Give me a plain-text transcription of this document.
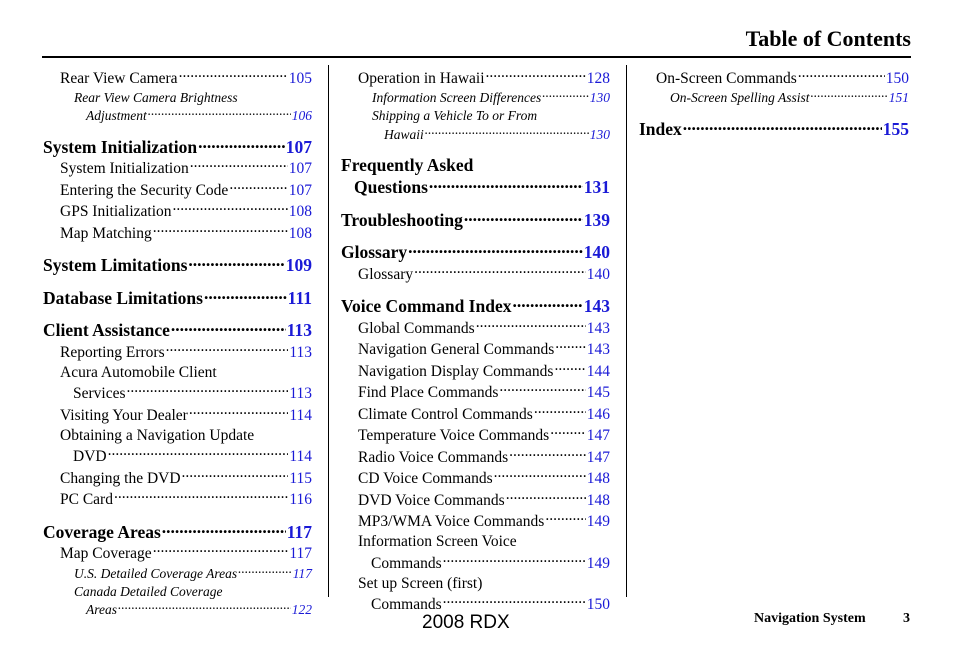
Table of Contents
Rear View Camera .....	105
Rear View Camera Brightness
Adjustment .....	106
System Initialization .....	107
System Initialization .....	107
Entering the Security Code .....	107
GPS Initialization .....	108
Map Matching .....	108
System Limitations .....	109
Database Limitations .....	111
Client Assistance .....	113
Reporting Errors .....	113
Acura Automobile Client
Services .....	113
Visiting Your Dealer .....	114
Obtaining a Navigation Update
DVD .....	114
Changing the DVD .....	115
PC Card .....	116
Coverage Areas .....	117
Map Coverage .....	117
U.S. Detailed Coverage Areas .....	117
Canada Detailed Coverage
Areas .....	122
Operation in Hawaii .....	128
Information Screen Differences .....	130
Shipping a Vehicle To or From
Hawaii .....	130
Frequently Asked
Questions .....	131
Troubleshooting .....	139
Glossary .....	140
Glossary .....	140
Voice Command Index .....	143
Global Commands .....	143
Navigation General Commands ..... 143
Navigation Display Commands ..... 144
Find Place Commands .....	145
Climate Control Commands .....	146
Temperature Voice Commands ..... 147
Radio Voice Commands .....	147
CD Voice Commands .....	148
DVD Voice Commands .....	148
MP3/WMA Voice Commands .....	149
Information Screen Voice
Commands .....	149
Set up Screen (first)
Commands .....	150
On-Screen Commands .....	150
On-Screen Spelling Assist .....	151
Index .....	155
2008 RDX	Navigation System	3
